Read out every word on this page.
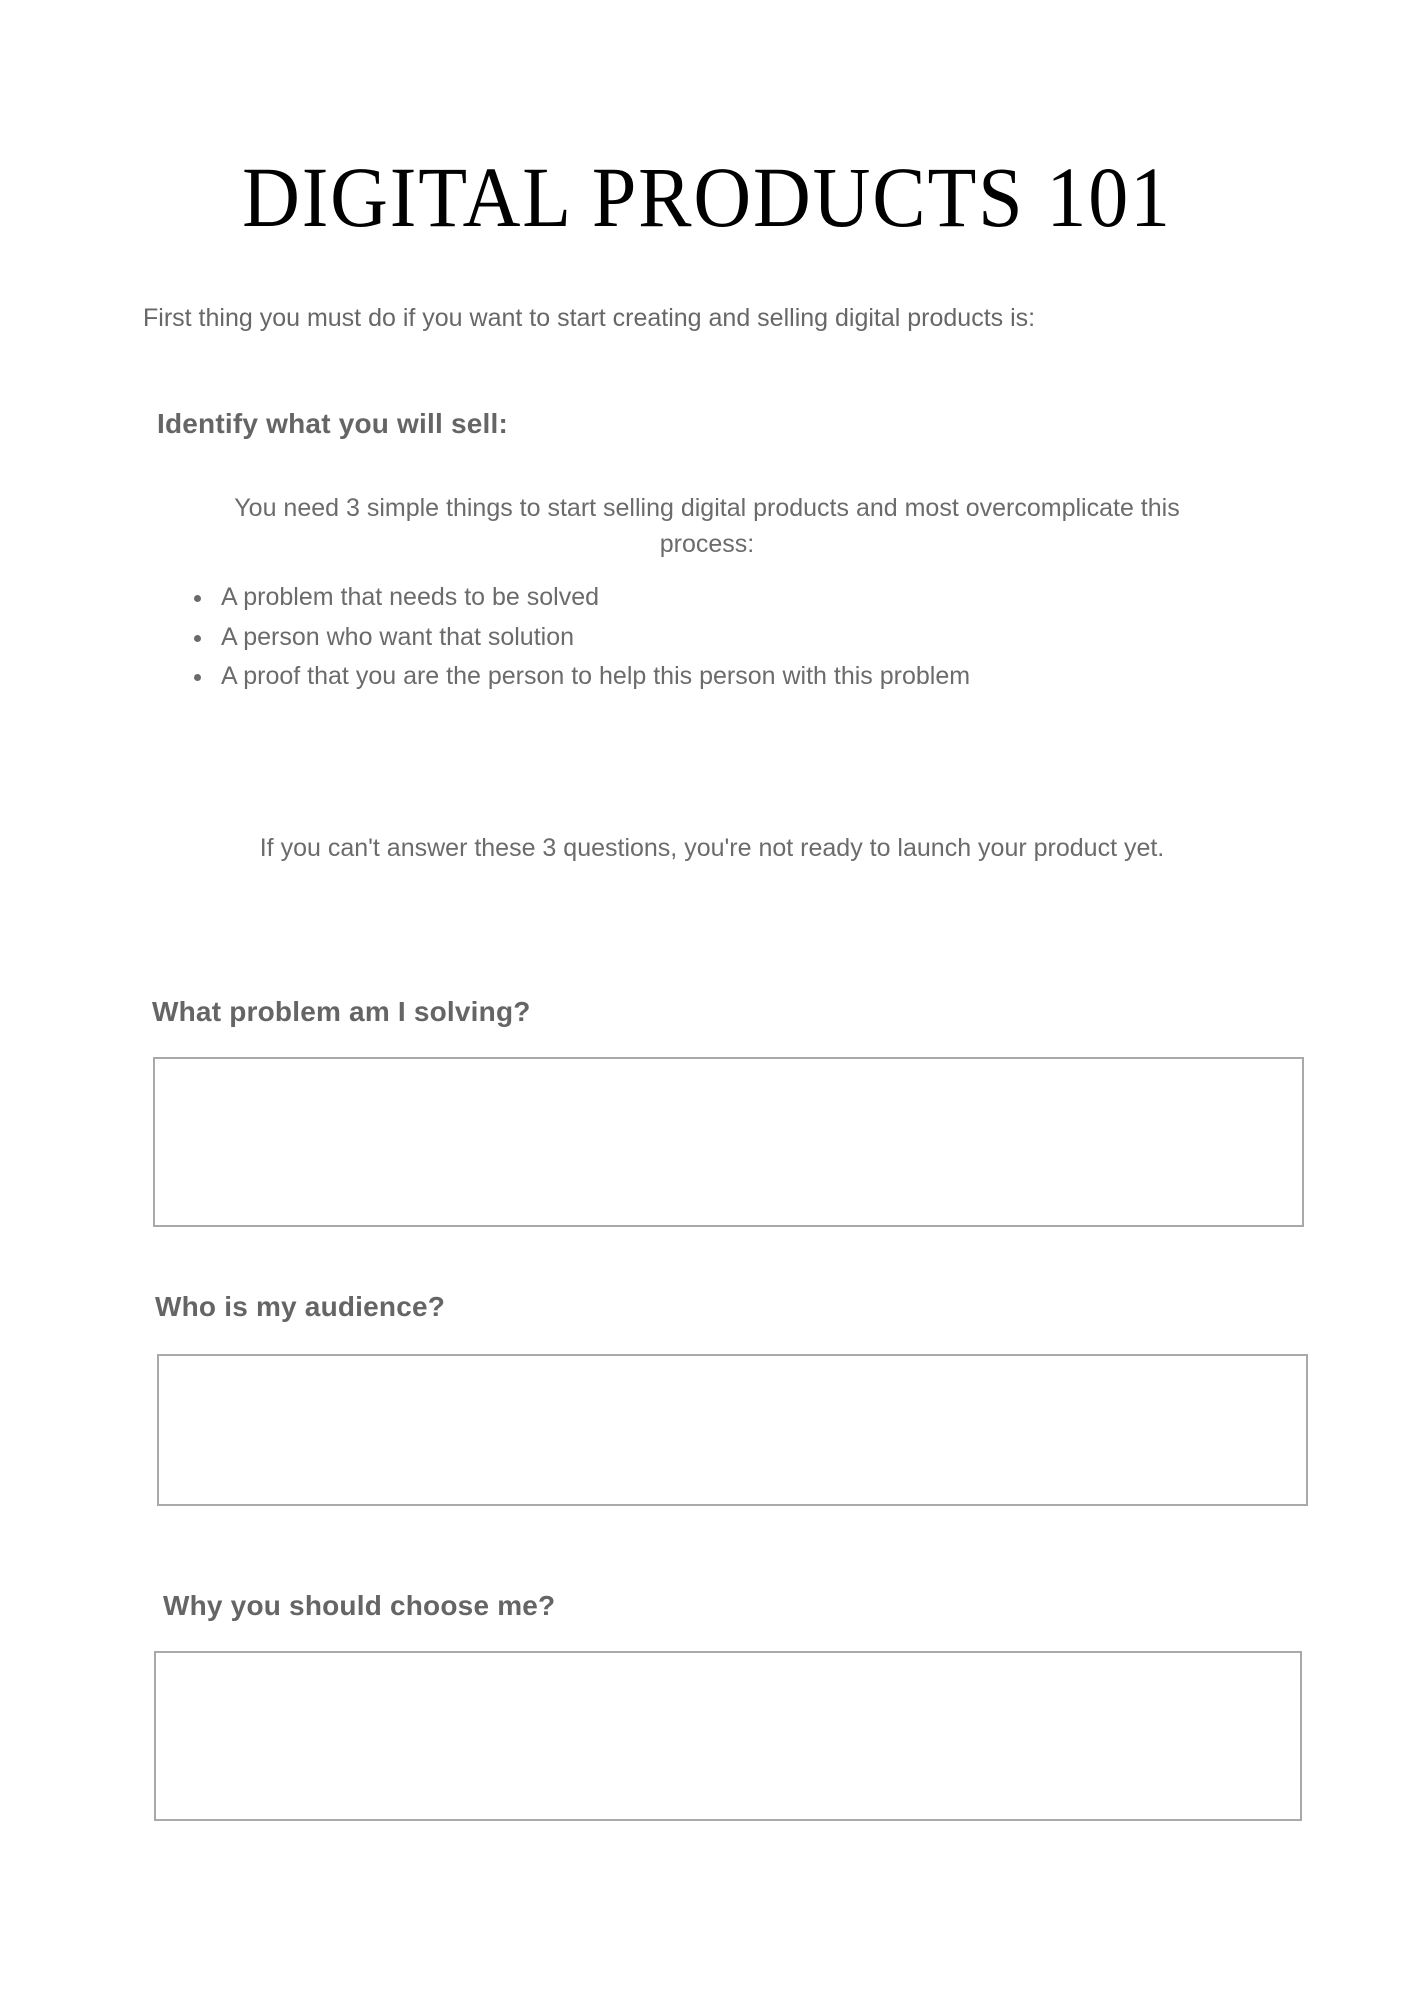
DIGITAL PRODUCTS 101

First thing you must do if you want to start creating and selling digital products is:

Identify what you will sell:

You need 3 simple things to start selling digital products and most overcomplicate this process:

• A problem that needs to be solved
• A person who want that solution
• A proof that you are the person to help this person with this problem

If you can't answer these 3 questions, you're not ready to launch your product yet.

What problem am I solving?
Who is my audience?
Why you should choose me?
